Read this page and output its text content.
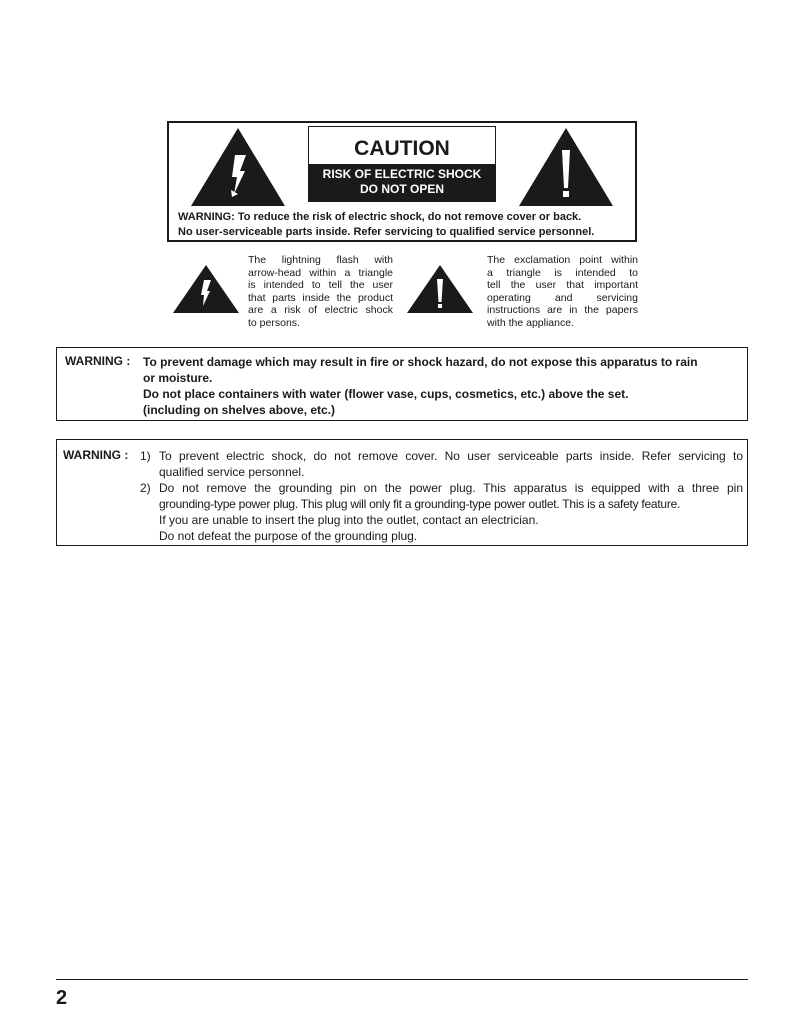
CAUTION
RISK OF ELECTRIC SHOCK
DO NOT OPEN
WARNING: To reduce the risk of electric shock, do not remove cover or back.
No user-serviceable parts inside. Refer servicing to qualified service personnel.
The lightning flash with
arrow-head within a triangle
is intended to tell the user
that parts inside the product
are a risk of electric shock
to persons.
The exclamation point within
a triangle is intended to
tell the user that important
operating and servicing
instructions are in the papers
with the appliance.
WARNING : To prevent damage which may result in fire or shock hazard, do not expose this apparatus to rain
or moisture.
Do not place containers with water (flower vase, cups, cosmetics, etc.) above the set.
(including on shelves above, etc.)
WARNING : 1) To prevent electric shock, do not remove cover. No user serviceable parts inside. Refer servicing to
qualified service personnel.
2) Do not remove the grounding pin on the power plug. This apparatus is equipped with a three pin
grounding-type power plug. This plug will only fit a grounding-type power outlet. This is a safety feature.
If you are unable to insert the plug into the outlet, contact an electrician.
Do not defeat the purpose of the grounding plug.
2
